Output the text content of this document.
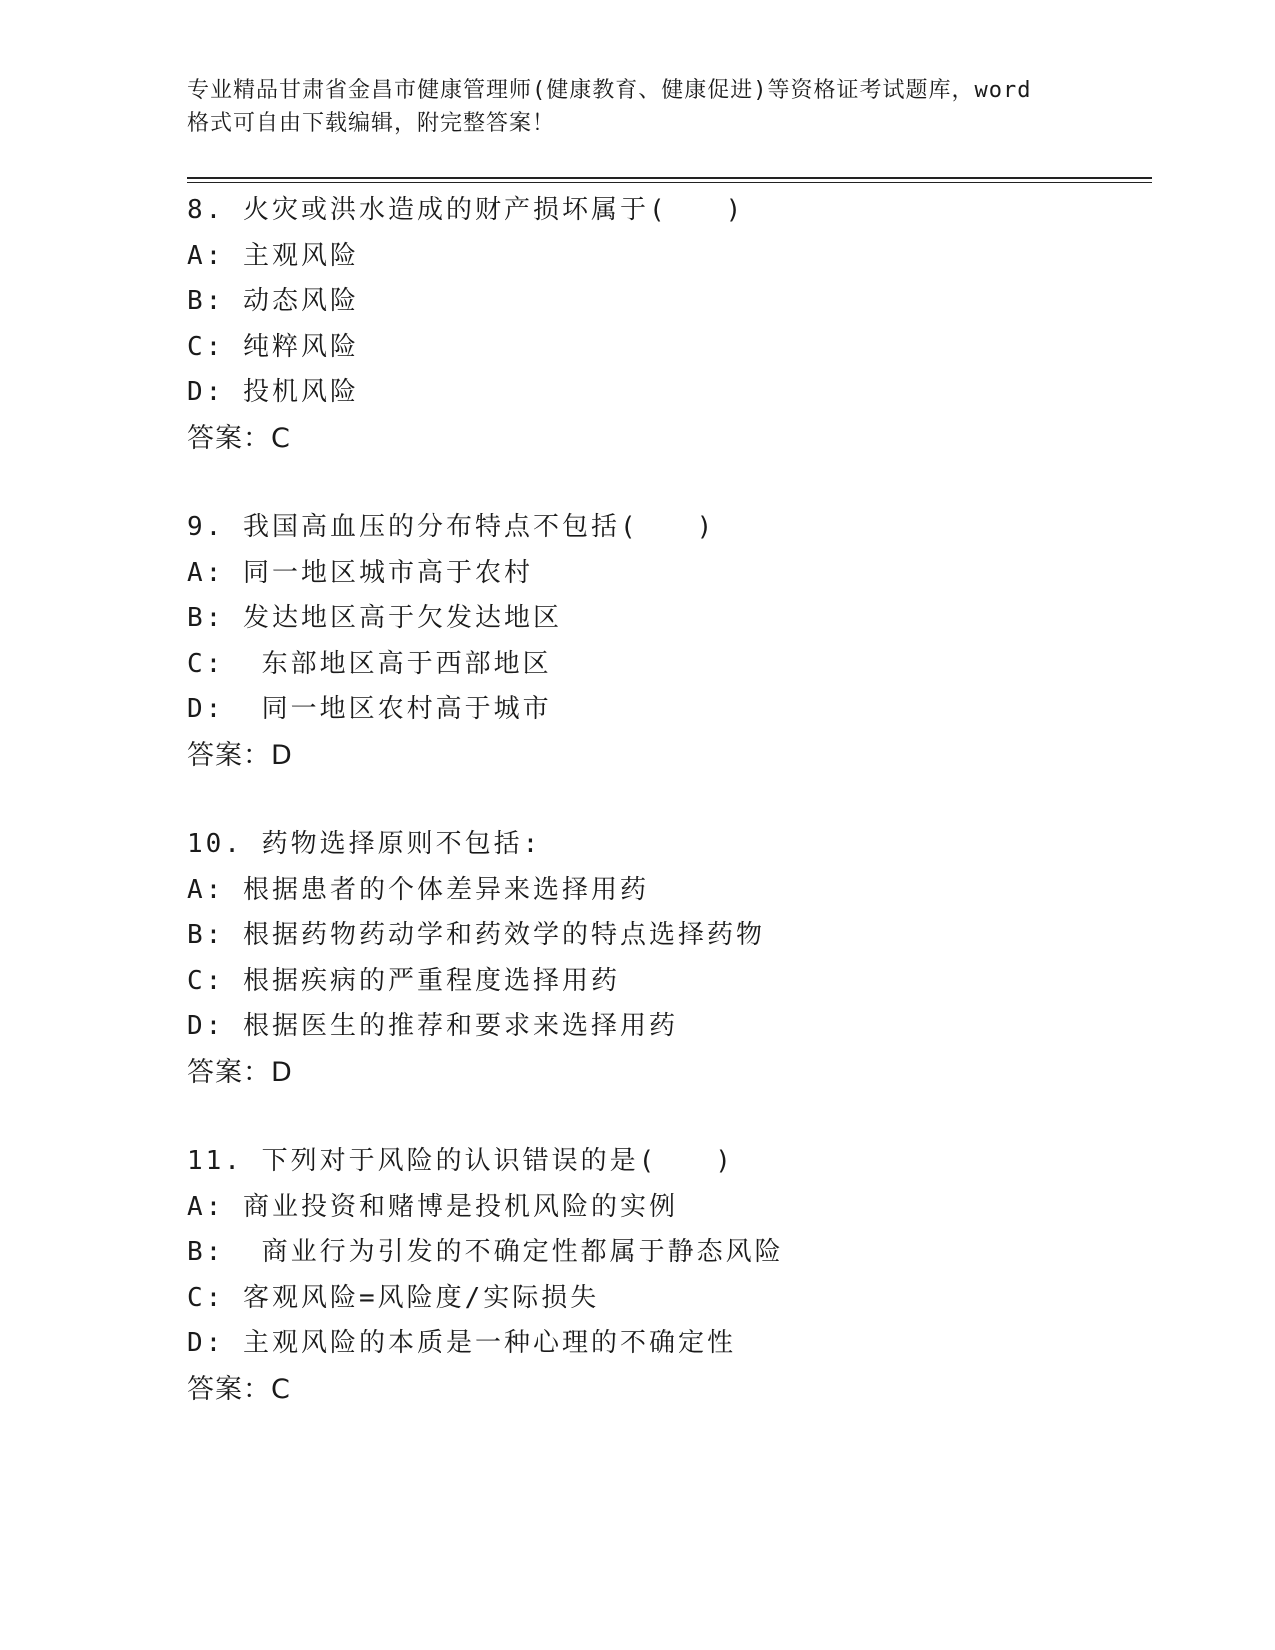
专业精品甘肃省金昌市健康管理师(健康教育、健康促进)等资格证考试题库，word
格式可自由下载编辑，附完整答案！
8. 火灾或洪水造成的财产损坏属于(　　)
A: 主观风险
B: 动态风险
C: 纯粹风险
D: 投机风险
答案：C
9. 我国高血压的分布特点不包括(　　)
A: 同一地区城市高于农村
B: 发达地区高于欠发达地区
C:  东部地区高于西部地区
D:  同一地区农村高于城市
答案：D
10. 药物选择原则不包括:
A: 根据患者的个体差异来选择用药
B: 根据药物药动学和药效学的特点选择药物
C: 根据疾病的严重程度选择用药
D: 根据医生的推荐和要求来选择用药
答案：D
11. 下列对于风险的认识错误的是(　　)
A: 商业投资和赌博是投机风险的实例
B:  商业行为引发的不确定性都属于静态风险
C: 客观风险=风险度/实际损失
D: 主观风险的本质是一种心理的不确定性
答案：C
